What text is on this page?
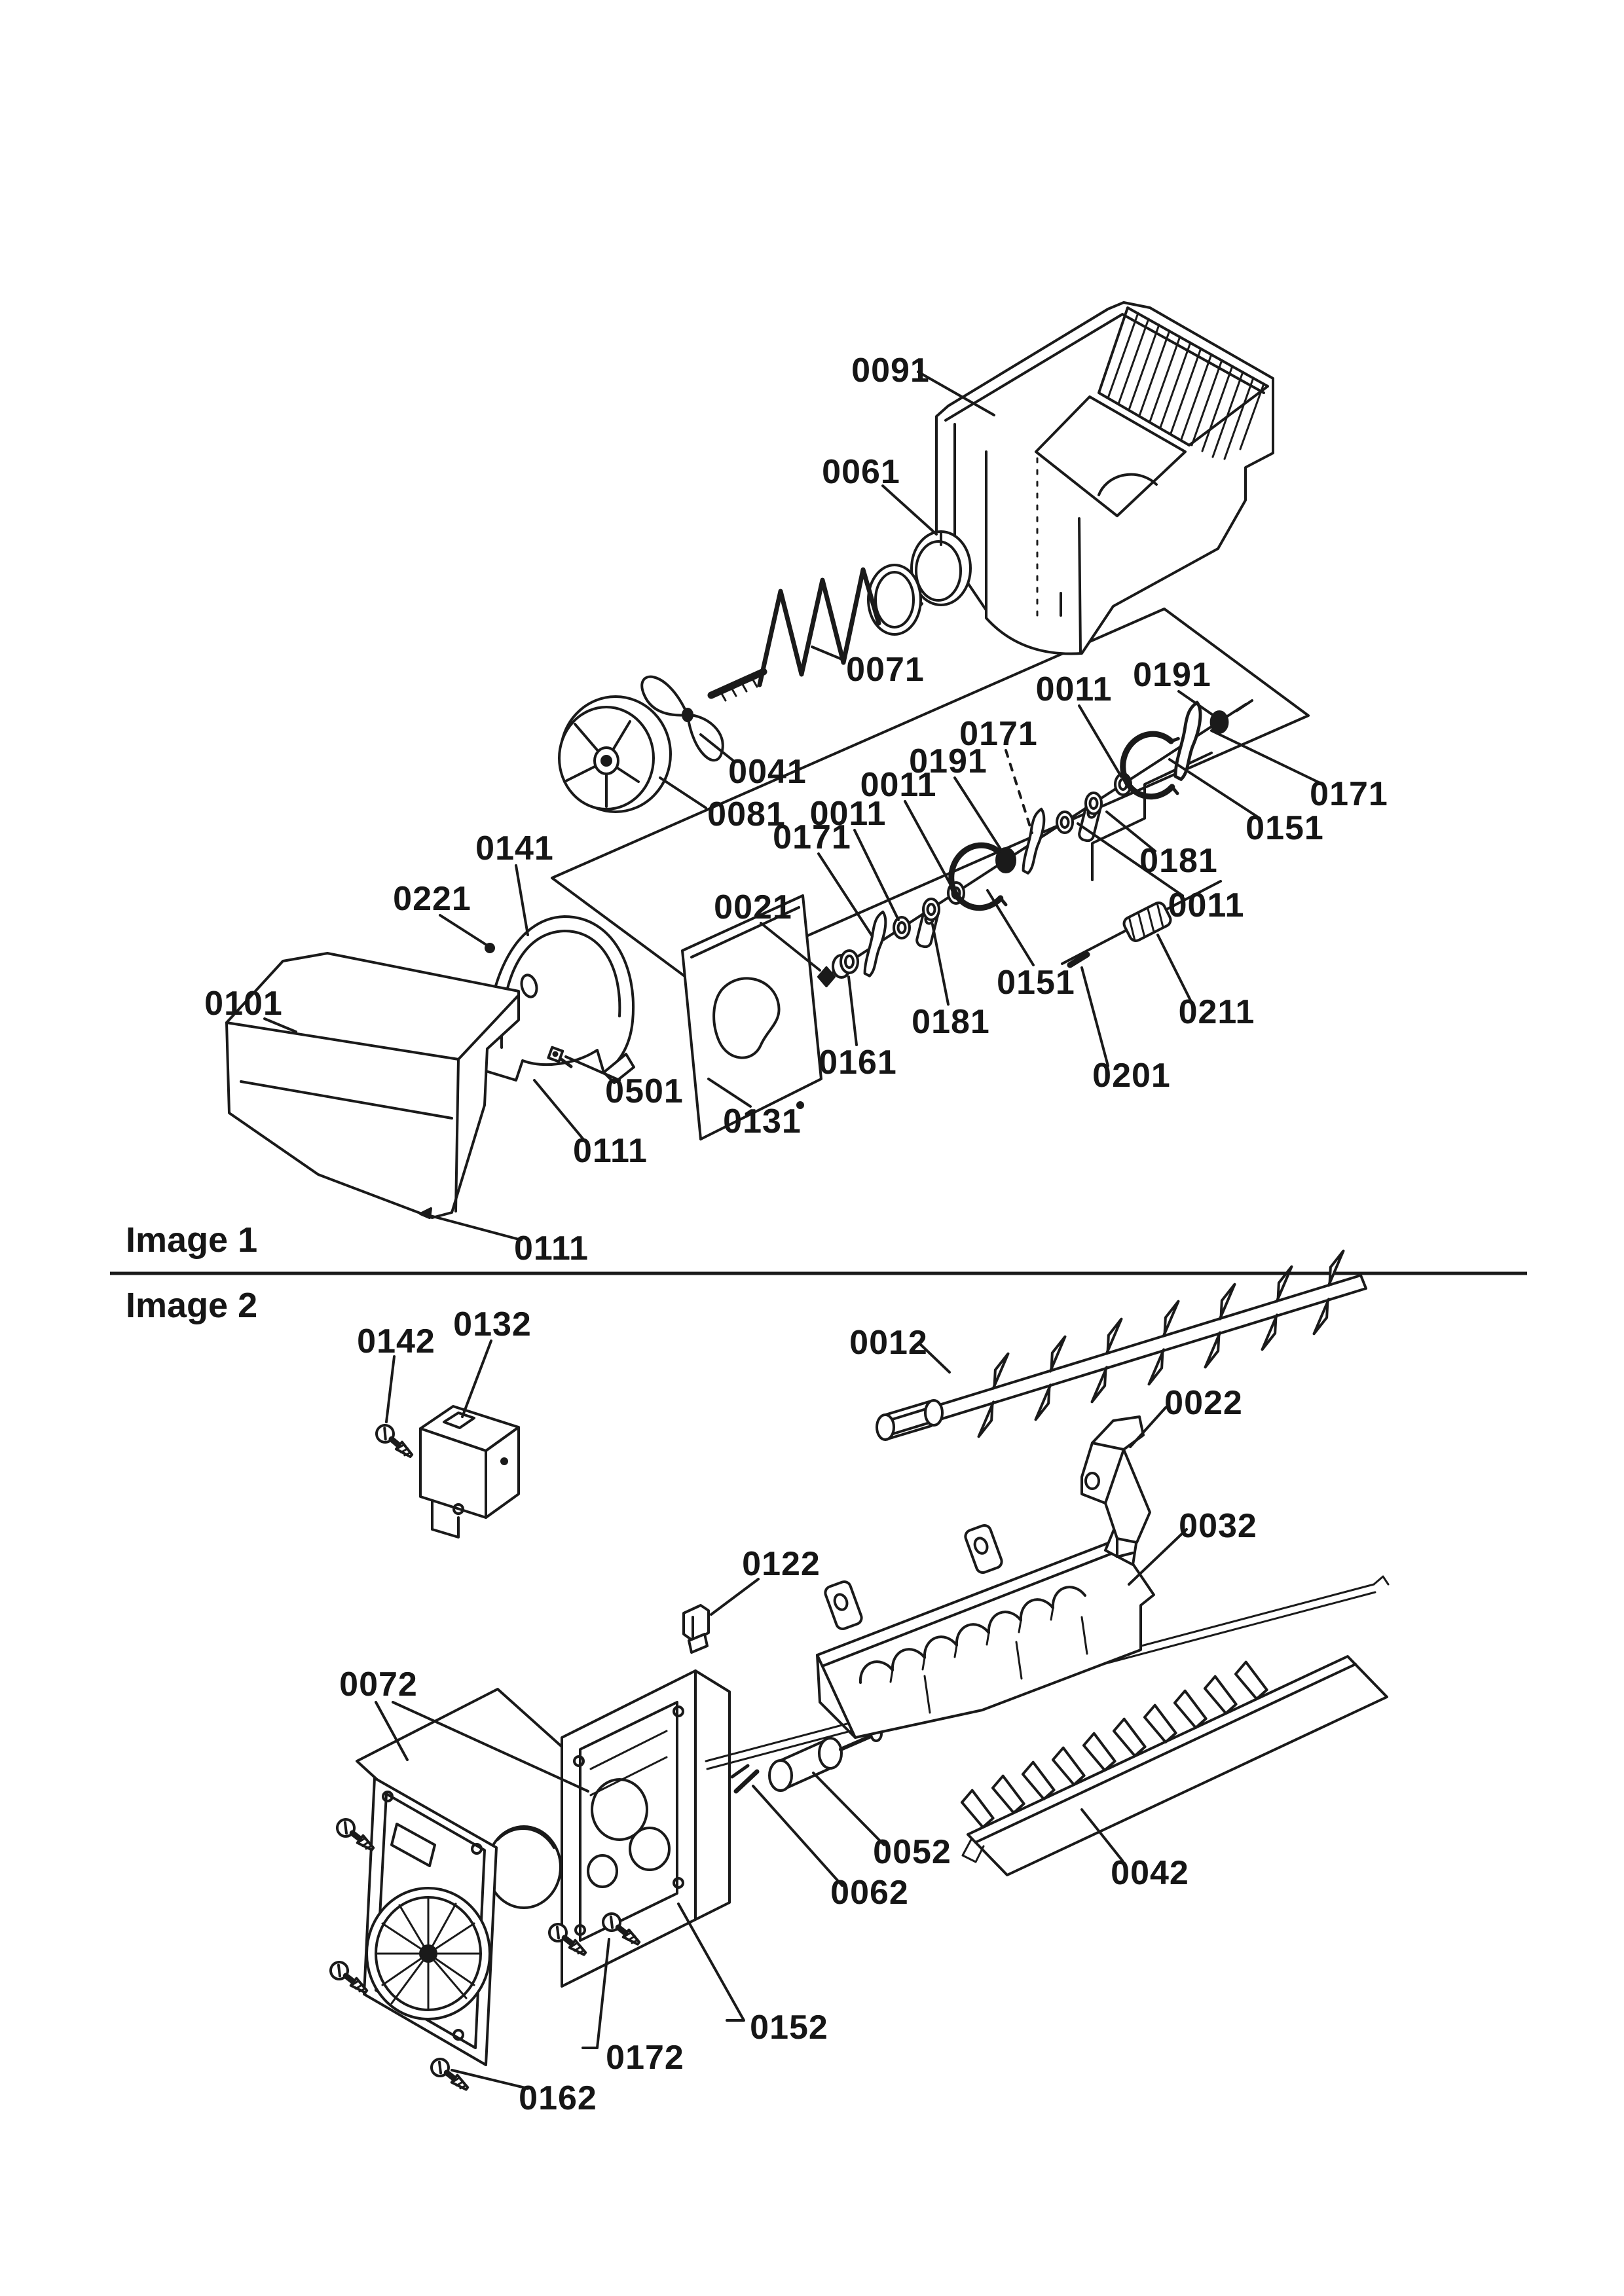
0091
0061
0071
0041
0081
0011 0191
0171
0151
0181
0011
0171
0191
0011
0011
0171
0021
0161
0181
0151
0211
0201
0141
0221
0101
0501
0111
0111
0131
Image 1
Image 2
0142 0132	0012
0022
0032
0122
0072
0052
0062
0042
0152
0172
0162
